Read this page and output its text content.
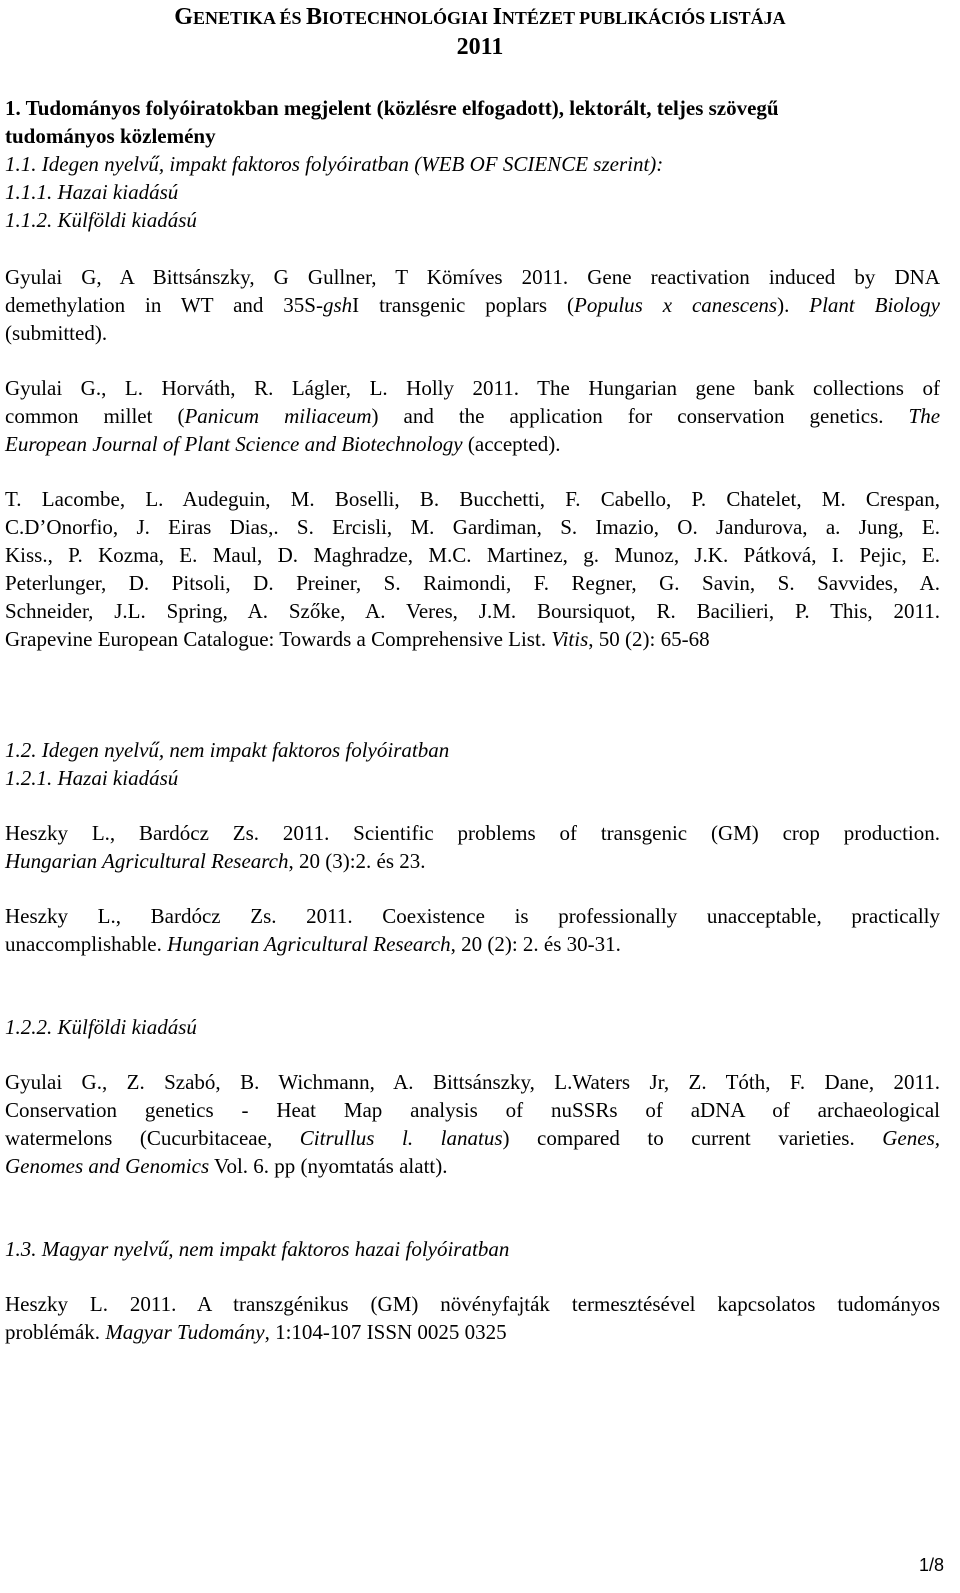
GENETIKA ÉS BIOTECHNOLÓGIAI INTÉZET PUBLIKÁCIÓS LISTÁJA
2011
1. Tudományos folyóiratokban megjelent (közlésre elfogadott), lektorált, teljes szövegű
tudományos közlemény
1.1. Idegen nyelvű, impakt faktoros folyóiratban (WEB OF SCIENCE szerint):
1.1.1. Hazai kiadású
1.1.2. Külföldi kiadású
Gyulai G, A Bittsánszky, G Gullner, T Kömíves 2011. Gene reactivation induced by DNA
demethylation in WT and 35S-gshI transgenic poplars (Populus x canescens). Plant Biology
(submitted).
Gyulai G., L. Horváth, R. Lágler, L. Holly 2011. The Hungarian gene bank collections of
common millet (Panicum miliaceum) and the application for conservation genetics. The
European Journal of Plant Science and Biotechnology (accepted).
T. Lacombe, L. Audeguin, M. Boselli, B. Bucchetti, F. Cabello, P. Chatelet, M. Crespan,
C.D’Onorfio, J. Eiras Dias,. S. Ercisli, M. Gardiman, S. Imazio, O. Jandurova, a. Jung, E.
Kiss., P. Kozma, E. Maul, D. Maghradze, M.C. Martinez, g. Munoz, J.K. Pátková, I. Pejic, E.
Peterlunger, D. Pitsoli, D. Preiner, S. Raimondi, F. Regner, G. Savin, S. Savvides, A.
Schneider, J.L. Spring, A. Szőke, A. Veres, J.M. Boursiquot, R. Bacilieri, P. This, 2011.
Grapevine European Catalogue: Towards a Comprehensive List. Vitis, 50 (2): 65-68
1.2. Idegen nyelvű, nem impakt faktoros folyóiratban
1.2.1. Hazai kiadású
Heszky L., Bardócz Zs. 2011. Scientific problems of transgenic (GM) crop production.
Hungarian Agricultural Research, 20 (3):2. és 23.
Heszky L., Bardócz Zs. 2011. Coexistence is professionally unacceptable, practically
unaccomplishable. Hungarian Agricultural Research, 20 (2): 2. és 30-31.
1.2.2. Külföldi kiadású
Gyulai G., Z. Szabó, B. Wichmann, A. Bittsánszky, L.Waters Jr, Z. Tóth, F. Dane, 2011.
Conservation genetics - Heat Map analysis of nuSSRs of aDNA of archaeological
watermelons (Cucurbitaceae, Citrullus l. lanatus) compared to current varieties. Genes,
Genomes and Genomics Vol. 6. pp (nyomtatás alatt).
1.3. Magyar nyelvű, nem impakt faktoros hazai folyóiratban
Heszky L. 2011. A transzgénikus (GM) növényfajták termesztésével kapcsolatos tudományos
problémák. Magyar Tudomány, 1:104-107 ISSN 0025 0325
1/8
